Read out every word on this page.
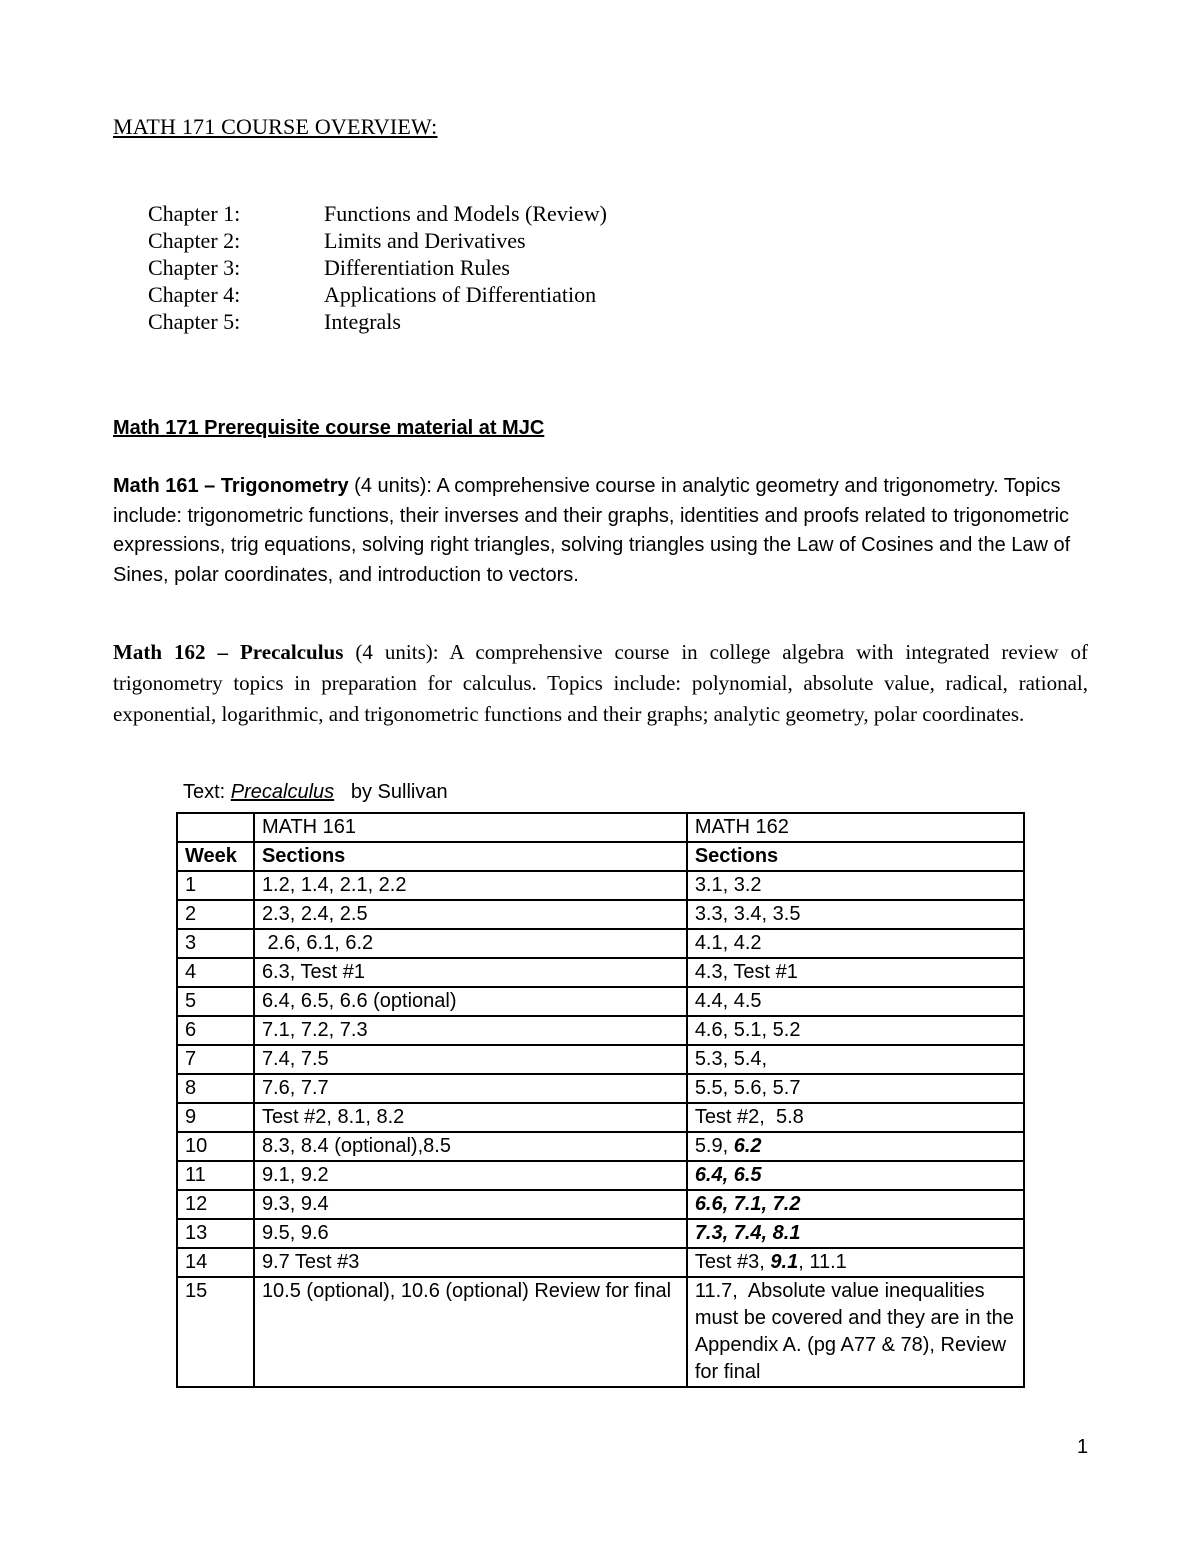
MATH 171 COURSE OVERVIEW:
Chapter 1:	Functions and Models (Review)
Chapter 2:	Limits and Derivatives
Chapter 3:	Differentiation Rules
Chapter 4:	Applications of Differentiation
Chapter 5:	Integrals
Math 171 Prerequisite course material at MJC
Math 161 – Trigonometry (4 units): A comprehensive course in analytic geometry and trigonometry. Topics include: trigonometric functions, their inverses and their graphs, identities and proofs related to trigonometric expressions, trig equations, solving right triangles, solving triangles using the Law of Cosines and the Law of Sines, polar coordinates, and introduction to vectors.
Math 162 – Precalculus (4 units): A comprehensive course in college algebra with integrated review of trigonometry topics in preparation for calculus. Topics include: polynomial, absolute value, radical, rational, exponential, logarithmic, and trigonometric functions and their graphs; analytic geometry, polar coordinates.
Text: Precalculus   by Sullivan
	MATH 161	MATH 162
Week	Sections	Sections
1	1.2, 1.4, 2.1, 2.2	3.1, 3.2
2	2.3, 2.4, 2.5	3.3, 3.4, 3.5
3	2.6, 6.1, 6.2	4.1, 4.2
4	6.3, Test #1	4.3, Test #1
5	6.4, 6.5, 6.6 (optional)	4.4, 4.5
6	7.1, 7.2, 7.3	4.6, 5.1, 5.2
7	7.4, 7.5	5.3, 5.4,
8	7.6, 7.7	5.5, 5.6, 5.7
9	Test #2, 8.1, 8.2	Test #2,  5.8
10	8.3, 8.4 (optional),8.5	5.9, 6.2
11	9.1, 9.2	6.4, 6.5
12	9.3, 9.4	6.6, 7.1, 7.2
13	9.5, 9.6	7.3, 7.4, 8.1
14	9.7 Test #3	Test #3, 9.1, 11.1
15	10.5 (optional), 10.6 (optional) Review for final	11.7,  Absolute value inequalities must be covered and they are in the Appendix A. (pg A77 & 78), Review for final
1
